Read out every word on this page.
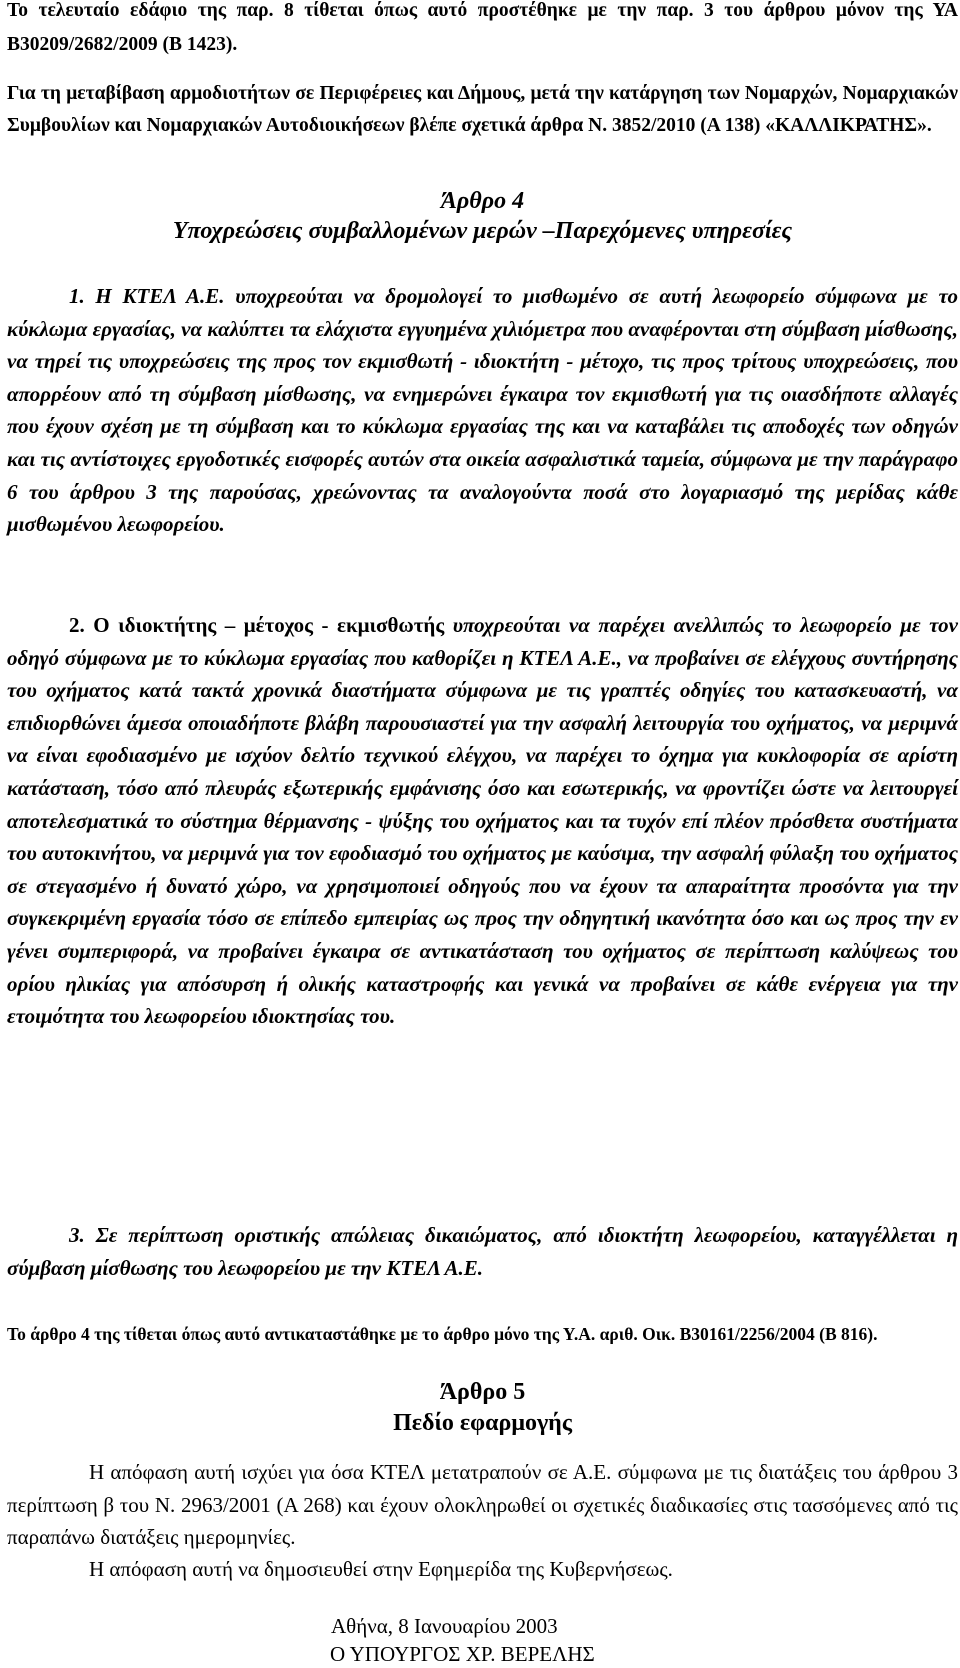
Το τελευταίο εδάφιο της παρ. 8 τίθεται όπως αυτό προστέθηκε με την παρ. 3 του άρθρου μόνον της ΥΑ Β30209/2682/2009 (Β 1423).

Για τη μεταβίβαση αρμοδιοτήτων σε Περιφέρειες και Δήμους, μετά την κατάργηση των Νομαρχών, Νομαρχιακών Συμβουλίων και Νομαρχιακών Αυτοδιοικήσεων βλέπε σχετικά άρθρα Ν. 3852/2010 (Α 138) «ΚΑΛΛΙΚΡΑΤΗΣ».

Άρθρο 4

Υποχρεώσεις συμβαλλομένων μερών –Παρεχόμενες υπηρεσίες

1. Η ΚΤΕΛ Α.Ε. υποχρεούται να δρομολογεί το μισθωμένο σε αυτή λεωφορείο σύμφωνα με το κύκλωμα εργασίας, να καλύπτει τα ελάχιστα εγγυημένα χιλιόμετρα που αναφέρονται στη σύμβαση μίσθωσης, να τηρεί τις υποχρεώσεις της προς τον εκμισθωτή - ιδιοκτήτη - μέτοχο, τις προς τρίτους υποχρεώσεις, που απορρέουν από τη σύμβαση μίσθωσης, να ενημερώνει έγκαιρα τον εκμισθωτή για τις οιασδήποτε αλλαγές που έχουν σχέση με τη σύμβαση και το κύκλωμα εργασίας της και να καταβάλει τις αποδοχές των οδηγών και τις αντίστοιχες εργοδοτικές εισφορές αυτών στα οικεία ασφαλιστικά ταμεία, σύμφωνα με την παράγραφο 6 του άρθρου 3 της παρούσας, χρεώνοντας τα αναλογούντα ποσά στο λογαριασμό της μερίδας κάθε μισθωμένου λεωφορείου.

2. Ο ιδιοκτήτης – μέτοχος - εκμισθωτής υποχρεούται να παρέχει ανελλιπώς το λεωφορείο με τον οδηγό σύμφωνα με το κύκλωμα εργασίας που καθορίζει η ΚΤΕΛ Α.Ε., να προβαίνει σε ελέγχους συντήρησης του οχήματος κατά τακτά χρονικά διαστήματα σύμφωνα με τις γραπτές οδηγίες του κατασκευαστή, να επιδιορθώνει άμεσα οποιαδήποτε βλάβη παρουσιαστεί για την ασφαλή λειτουργία του οχήματος, να μεριμνά να είναι εφοδιασμένο με ισχύον δελτίο τεχνικού ελέγχου, να παρέχει το όχημα για κυκλοφορία σε αρίστη κατάσταση, τόσο από πλευράς εξωτερικής εμφάνισης όσο και εσωτερικής, να φροντίζει ώστε να λειτουργεί αποτελεσματικά το σύστημα θέρμανσης - ψύξης του οχήματος και τα τυχόν επί πλέον πρόσθετα συστήματα του αυτοκινήτου, να μεριμνά για τον εφοδιασμό του οχήματος με καύσιμα, την ασφαλή φύλαξη του οχήματος σε στεγασμένο ή δυνατό χώρο, να χρησιμοποιεί οδηγούς που να έχουν τα απαραίτητα προσόντα για την συγκεκριμένη εργασία τόσο σε επίπεδο εμπειρίας ως προς την οδηγητική ικανότητα όσο και ως προς την εν γένει συμπεριφορά, να προβαίνει έγκαιρα σε αντικατάσταση του οχήματος σε περίπτωση καλύψεως του ορίου ηλικίας για απόσυρση ή ολικής καταστροφής και γενικά να προβαίνει σε κάθε ενέργεια για την ετοιμότητα του λεωφορείου ιδιοκτησίας του.

3. Σε περίπτωση οριστικής απώλειας δικαιώματος, από ιδιοκτήτη λεωφορείου, καταγγέλλεται η σύμβαση μίσθωσης του λεωφορείου με την ΚΤΕΛ Α.Ε.

Το άρθρο 4 της τίθεται όπως αυτό αντικαταστάθηκε με το άρθρο μόνο της Υ.Α. αριθ. Οικ. Β30161/2256/2004 (Β 816).

Άρθρο 5

Πεδίο εφαρμογής

Η απόφαση αυτή ισχύει για όσα ΚΤΕΛ μετατραπούν σε Α.Ε. σύμφωνα με τις διατάξεις του άρθρου 3 περίπτωση β του Ν. 2963/2001 (Α 268) και έχουν ολοκληρωθεί οι σχετικές διαδικασίες στις τασσόμενες από τις παραπάνω διατάξεις ημερομηνίες.

Η απόφαση αυτή να δημοσιευθεί στην Εφημερίδα της Κυβερνήσεως.

Αθήνα, 8 Ιανουαρίου 2003

Ο ΥΠΟΥΡΓΟΣ ΧΡ. ΒΕΡΕΛΗΣ
